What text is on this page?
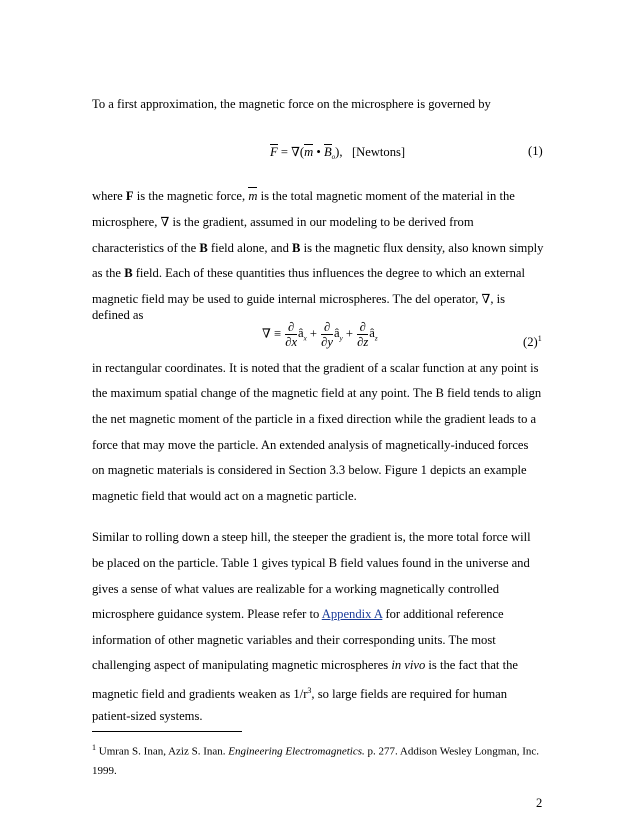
To a first approximation, the magnetic force on the microsphere is governed by
F = ∇(m • $B_o$), [Newtons]	(1)
where F is the magnetic force, m is the total magnetic moment of the material in the
microsphere, ∇ is the gradient, assumed in our modeling to be derived from
characteristics of the B field alone, and B is the magnetic flux density, also known simply
as the B field. Each of these quantities thus influences the degree to which an external
magnetic field may be used to guide internal microspheres. The del operator, ∇, is
defined as
∇ ≡ $\frac{\partial}{\partial x}$ $â_x + \frac{\partial}{\partial y}$ $â_y + \frac{\partial}{\partial z}$ $â_z$	$(2)^1$
in rectangular coordinates. It is noted that the gradient of a scalar function at any point is
the maximum spatial change of the magnetic field at any point. The B field tends to align
the net magnetic moment of the particle in a fixed direction while the gradient leads to a
force that may move the particle. An extended analysis of magnetically-induced forces
on magnetic materials is considered in Section 3.3 below. Figure 1 depicts an example
magnetic field that would act on a magnetic particle.
Similar to rolling down a steep hill, the steeper the gradient is, the more total force will
be placed on the particle. Table 1 gives typical B field values found in the universe and
gives a sense of what values are realizable for a working magnetically controlled
microsphere guidance system. Please refer to Appendix A for additional reference
information of other magnetic variables and their corresponding units. The most
challenging aspect of manipulating magnetic microspheres in vivo is the fact that the
magnetic field and gradients weaken as $1/r^3$, so large fields are required for human
patient-sized systems.
$^1$ Umran S. Inan, Aziz S. Inan. Engineering Electromagnetics. p. 277. Addison Wesley Longman, Inc.
1999.
2
